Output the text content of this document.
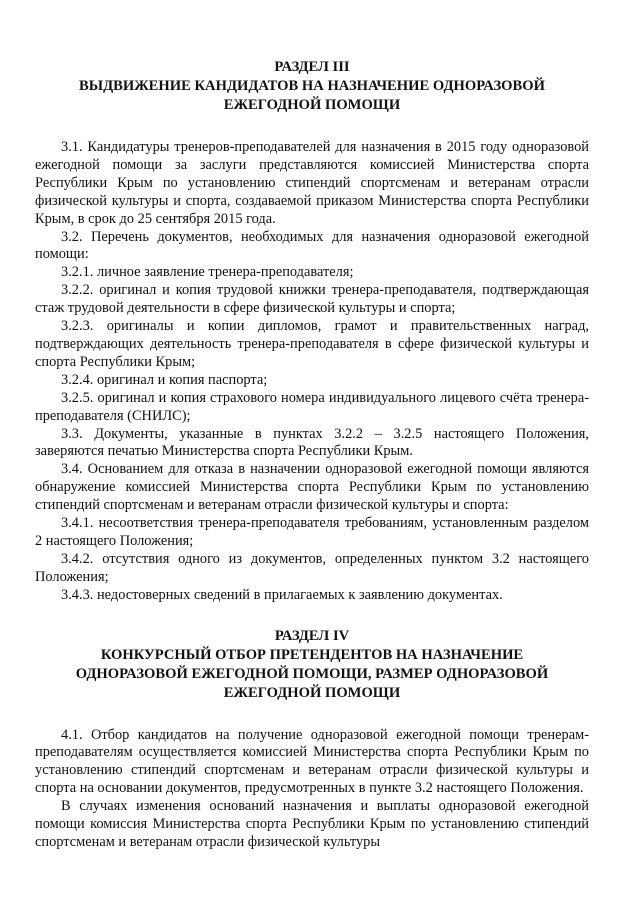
РАЗДЕЛ III
ВЫДВИЖЕНИЕ КАНДИДАТОВ НА НАЗНАЧЕНИЕ ОДНОРАЗОВОЙ
ЕЖЕГОДНОЙ ПОМОЩИ

3.1. Кандидатуры тренеров-преподавателей для назначения в 2015 году одноразовой ежегодной помощи за заслуги представляются комиссией Министерства спорта Республики Крым по установлению стипендий спортсменам и ветеранам отрасли физической культуры и спорта, создаваемой приказом Министерства спорта Республики Крым, в срок до 25 сентября 2015 года.

3.2. Перечень документов, необходимых для назначения одноразовой ежегодной помощи:

3.2.1. личное заявление тренера-преподавателя;

3.2.2. оригинал и копия трудовой книжки тренера-преподавателя, подтверждающая стаж трудовой деятельности в сфере физической культуры и спорта;

3.2.3. оригиналы и копии дипломов, грамот и правительственных наград, подтверждающих деятельность тренера-преподавателя в сфере физической культуры и спорта Республики Крым;

3.2.4. оригинал и копия паспорта;

3.2.5. оригинал и копия страхового номера индивидуального лицевого счёта тренера-преподавателя (СНИЛС);

3.3. Документы, указанные в пунктах 3.2.2 – 3.2.5 настоящего Положения, заверяются печатью Министерства спорта Республики Крым.

3.4. Основанием для отказа в назначении одноразовой ежегодной помощи являются обнаружение комиссией Министерства спорта Республики Крым по установлению стипендий спортсменам и ветеранам отрасли физической культуры и спорта:

3.4.1. несоответствия тренера-преподавателя требованиям, установленным разделом 2 настоящего Положения;

3.4.2. отсутствия одного из документов, определенных пунктом 3.2 настоящего Положения;

3.4.3. недостоверных сведений в прилагаемых к заявлению документах.

РАЗДЕЛ IV
КОНКУРСНЫЙ ОТБОР ПРЕТЕНДЕНТОВ НА НАЗНАЧЕНИЕ
ОДНОРАЗОВОЙ ЕЖЕГОДНОЙ ПОМОЩИ, РАЗМЕР ОДНОРАЗОВОЙ
ЕЖЕГОДНОЙ ПОМОЩИ

4.1. Отбор кандидатов на получение одноразовой ежегодной помощи тренерам-преподавателям осуществляется комиссией Министерства спорта Республики Крым по установлению стипендий спортсменам и ветеранам отрасли физической культуры и спорта на основании документов, предусмотренных в пункте 3.2 настоящего Положения.

В случаях изменения оснований назначения и выплаты одноразовой ежегодной помощи комиссия Министерства спорта Республики Крым по установлению стипендий спортсменам и ветеранам отрасли физической культуры
